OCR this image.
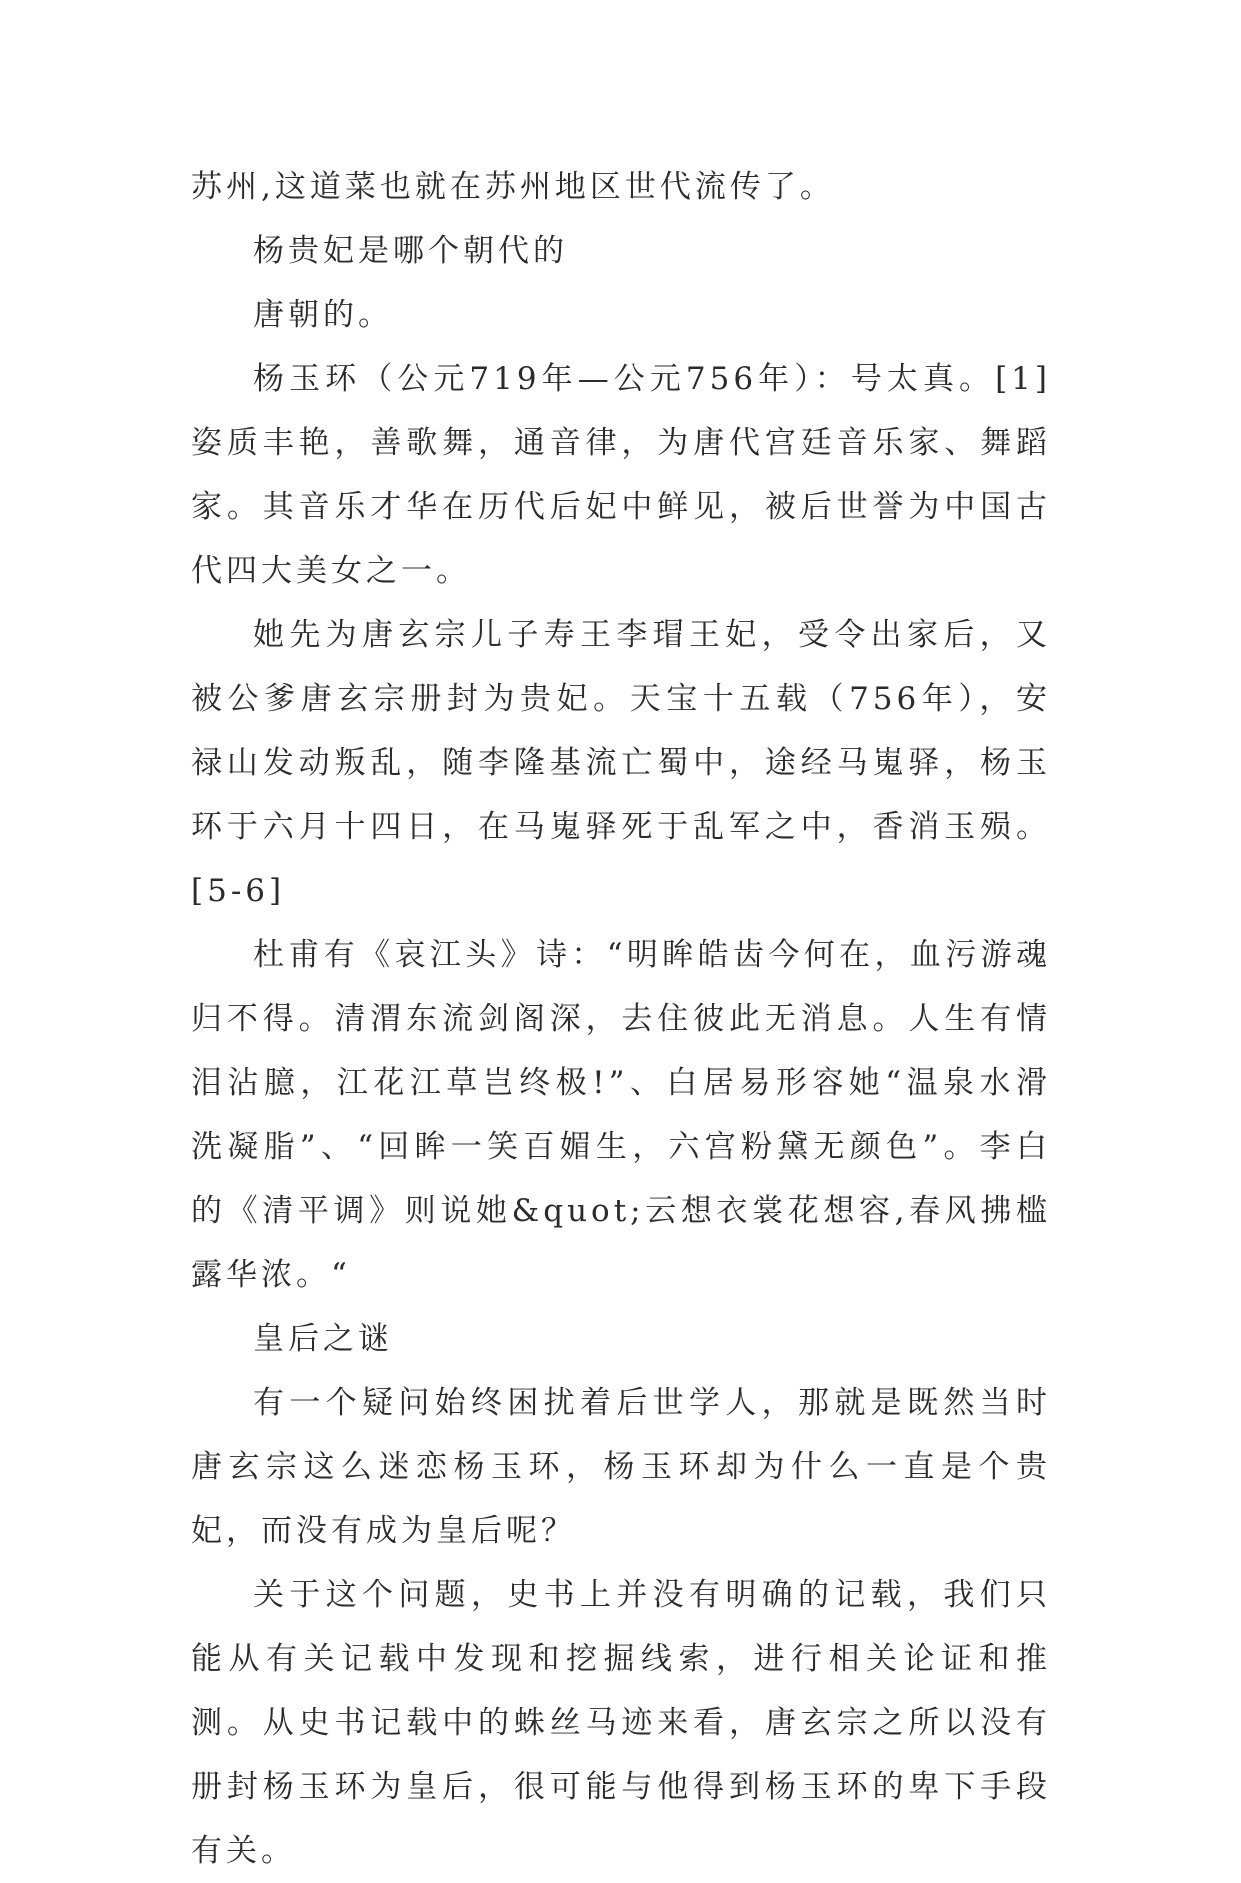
苏州,这道菜也就在苏州地区世代流传了。

杨贵妃是哪个朝代的

唐朝的。

杨玉环（公元719年—公元756年）：号太真。[1] 姿质丰艳，善歌舞，通音律，为唐代宫廷音乐家、舞蹈家。其音乐才华在历代后妃中鲜见，被后世誉为中国古代四大美女之一。

她先为唐玄宗儿子寿王李瑁王妃，受令出家后，又被公爹唐玄宗册封为贵妃。天宝十五载（756年），安禄山发动叛乱，随李隆基流亡蜀中，途经马嵬驿，杨玉环于六月十四日，在马嵬驿死于乱军之中，香消玉殒。[5-6]

杜甫有《哀江头》诗：“明眸皓齿今何在，血污游魂归不得。清渭东流剑阁深，去住彼此无消息。人生有情泪沾臆，江花江草岂终极!”、白居易形容她“温泉水滑洗凝脂”、“回眸一笑百媚生，六宫粉黛无颜色”。李白的《清平调》则说她&quot;云想衣裳花想容,春风拂槛露华浓。“

皇后之谜

有一个疑问始终困扰着后世学人，那就是既然当时唐玄宗这么迷恋杨玉环，杨玉环却为什么一直是个贵妃，而没有成为皇后呢？

关于这个问题，史书上并没有明确的记载，我们只能从有关记载中发现和挖掘线索，进行相关论证和推测。从史书记载中的蛛丝马迹来看，唐玄宗之所以没有册封杨玉环为皇后，很可能与他得到杨玉环的卑下手段有关。
